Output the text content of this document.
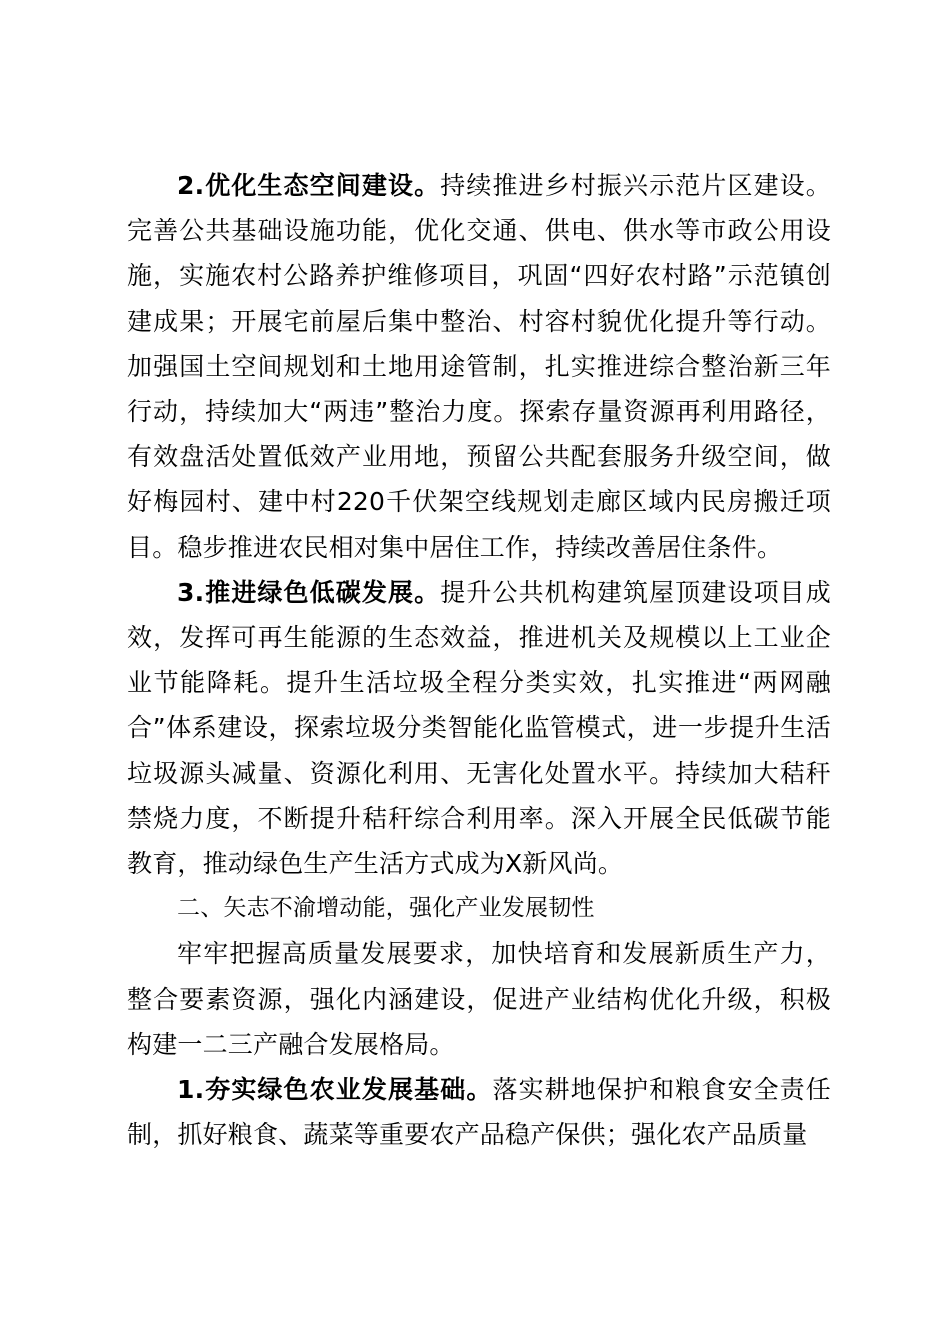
2.优化生态空间建设。持续推进乡村振兴示范片区建设。完善公共基础设施功能，优化交通、供电、供水等市政公用设施，实施农村公路养护维修项目，巩固“四好农村路”示范镇创建成果；开展宅前屋后集中整治、村容村貌优化提升等行动。加强国土空间规划和土地用途管制，扎实推进综合整治新三年行动，持续加大“两违”整治力度。探索存量资源再利用路径，有效盘活处置低效产业用地，预留公共配套服务升级空间，做好梅园村、建中村220千伏架空线规划走廊区域内民房搬迁项目。稳步推进农民相对集中居住工作，持续改善居住条件。

3.推进绿色低碳发展。提升公共机构建筑屋顶建设项目成效，发挥可再生能源的生态效益，推进机关及规模以上工业企业节能降耗。提升生活垃圾全程分类实效，扎实推进“两网融合”体系建设，探索垃圾分类智能化监管模式，进一步提升生活垃圾源头减量、资源化利用、无害化处置水平。持续加大秸秆禁烧力度，不断提升秸秆综合利用率。深入开展全民低碳节能教育，推动绿色生产生活方式成为X新风尚。

二、矢志不渝增动能，强化产业发展韧性

牢牢把握高质量发展要求，加快培育和发展新质生产力，整合要素资源，强化内涵建设，促进产业结构优化升级，积极构建一二三产融合发展格局。

1.夯实绿色农业发展基础。落实耕地保护和粮食安全责任制，抓好粮食、蔬菜等重要农产品稳产保供；强化农产品质量
